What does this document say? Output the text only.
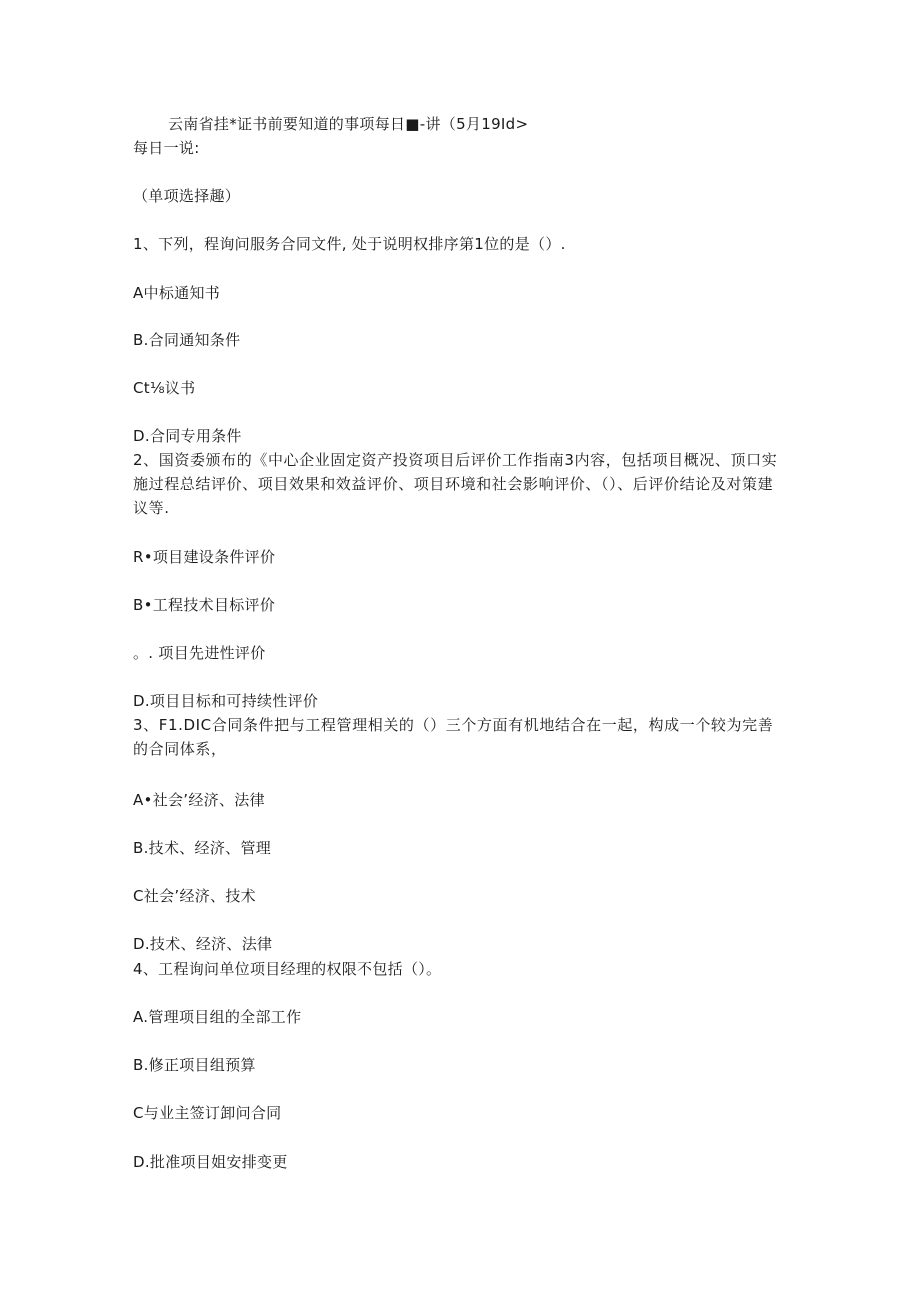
云南省挂*证书前要知道的事项每日■-讲（5月19Id>
每日一说:
（单项选择趣）
1、下列，程询问服务合同文件, 处于说明权排序第1位的是（）.
A中标通知书
B.合同通知条件
Ct⅛议书
D.合同专用条件
2、国资委颁布的《中心企业固定资产投资项目后评价工作指南3内容，包括项目概况、顶口实施过程总结评价、项目效果和效益评价、项目环境和社会影响评价、（）、后评价结论及对策建议等.
R•项目建设条件评价
B•工程技术目标评价
。. 项目先进性评价
D.项目目标和可持续性评价
3、F1.DIC合同条件把与工程管理相关的（）三个方面有机地结合在一起，构成一个较为完善的合同体系，
A•社会’经济、法律
B.技术、经济、管理
C社会’经济、技术
D.技术、经济、法律
4、工程询问单位项目经理的权限不包括（）。
A.管理项目组的全部工作
B.修正项目组预算
C与业主签订卸问合同
D.批准项目姐安排变更
